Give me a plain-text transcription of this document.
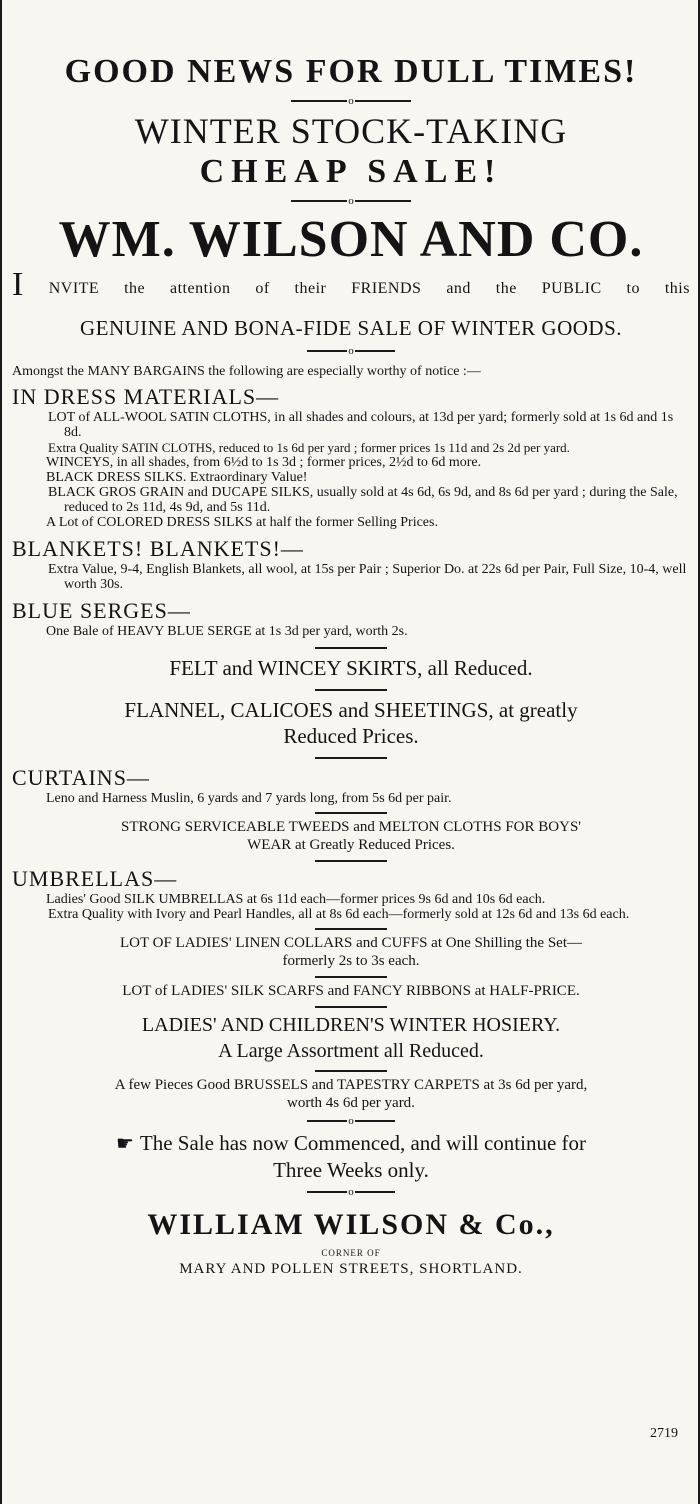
GOOD NEWS FOR DULL TIMES!
o
WINTER STOCK-TAKING
CHEAP SALE!
o
WM. WILSON AND CO.
I NVITE the attention of their FRIENDS and the PUBLIC to this
GENUINE AND BONA-FIDE SALE OF WINTER GOODS.
o
Amongst the MANY BARGAINS the following are especially worthy of notice :—
IN DRESS MATERIALS—
LOT of ALL-WOOL SATIN CLOTHS, in all shades and colours, at 13d per yard; formerly sold at 1s 6d and 1s 8d.
Extra Quality SATIN CLOTHS, reduced to 1s 6d per yard ; former prices 1s 11d and 2s 2d per yard.
WINCEYS, in all shades, from 6½d to 1s 3d ; former prices, 2½d to 6d more.
BLACK DRESS SILKS. Extraordinary Value!
BLACK GROS GRAIN and DUCAPE SILKS, usually sold at 4s 6d, 6s 9d, and 8s 6d per yard ; during the Sale, reduced to 2s 11d, 4s 9d, and 5s 11d.
A Lot of COLORED DRESS SILKS at half the former Selling Prices.
BLANKETS! BLANKETS!—
Extra Value, 9-4, English Blankets, all wool, at 15s per Pair ; Superior Do. at 22s 6d per Pair, Full Size, 10-4, well worth 30s.
BLUE SERGES—
One Bale of HEAVY BLUE SERGE at 1s 3d per yard, worth 2s.
FELT and WINCEY SKIRTS, all Reduced.
FLANNEL, CALICOES and SHEETINGS, at greatly
Reduced Prices.
CURTAINS—
Leno and Harness Muslin, 6 yards and 7 yards long, from 5s 6d per pair.
STRONG SERVICEABLE TWEEDS and MELTON CLOTHS FOR BOYS'
WEAR at Greatly Reduced Prices.
UMBRELLAS—
Ladies' Good SILK UMBRELLAS at 6s 11d each—former prices 9s 6d and 10s 6d each.
Extra Quality with Ivory and Pearl Handles, all at 8s 6d each—formerly sold at 12s 6d and 13s 6d each.
LOT OF LADIES' LINEN COLLARS and CUFFS at One Shilling the Set—
formerly 2s to 3s each.
LOT of LADIES' SILK SCARFS and FANCY RIBBONS at HALF-PRICE.
LADIES' AND CHILDREN'S WINTER HOSIERY.
A Large Assortment all Reduced.
A few Pieces Good BRUSSELS and TAPESTRY CARPETS at 3s 6d per yard,
worth 4s 6d per yard.
o
☛ The Sale has now Commenced, and will continue for
Three Weeks only.
o
WILLIAM WILSON & Co.,
CORNER OF
MARY AND POLLEN STREETS, SHORTLAND.
2719
